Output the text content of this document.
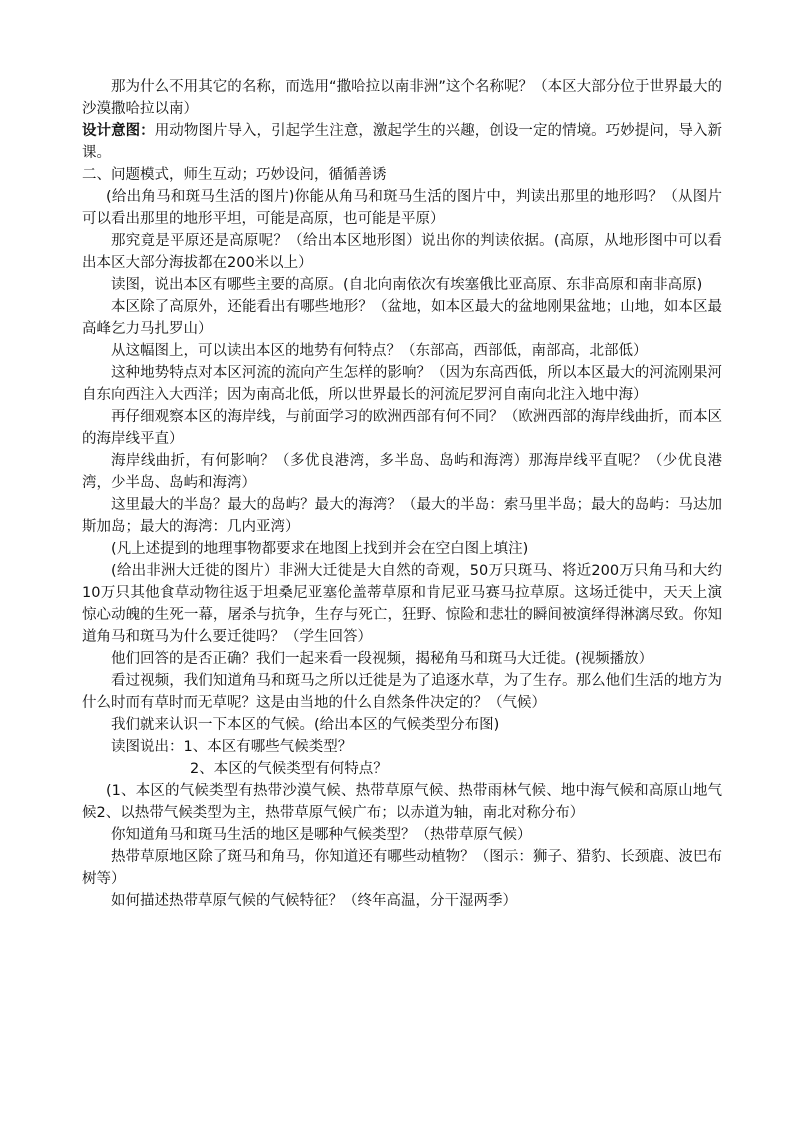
那为什么不用其它的名称，而选用“撒哈拉以南非洲”这个名称呢？（本区大部分位于世界最大的沙漠撒哈拉以南）

设计意图：用动物图片导入，引起学生注意，激起学生的兴趣，创设一定的情境。巧妙提问，导入新课。

二、问题模式，师生互动；巧妙设问，循循善诱

(给出角马和斑马生活的图片)你能从角马和斑马生活的图片中，判读出那里的地形吗？（从图片可以看出那里的地形平坦，可能是高原，也可能是平原）

那究竟是平原还是高原呢？（给出本区地形图）说出你的判读依据。(高原，从地形图中可以看出本区大部分海拔都在200米以上）

读图，说出本区有哪些主要的高原。(自北向南依次有埃塞俄比亚高原、东非高原和南非高原)

本区除了高原外，还能看出有哪些地形？（盆地，如本区最大的盆地刚果盆地；山地，如本区最高峰乞力马扎罗山）

从这幅图上，可以读出本区的地势有何特点？（东部高，西部低，南部高，北部低）

这种地势特点对本区河流的流向产生怎样的影响？（因为东高西低，所以本区最大的河流刚果河自东向西注入大西洋；因为南高北低，所以世界最长的河流尼罗河自南向北注入地中海）

再仔细观察本区的海岸线，与前面学习的欧洲西部有何不同？（欧洲西部的海岸线曲折，而本区的海岸线平直）

海岸线曲折，有何影响？（多优良港湾，多半岛、岛屿和海湾）那海岸线平直呢？（少优良港湾，少半岛、岛屿和海湾）

这里最大的半岛？最大的岛屿？最大的海湾？（最大的半岛：索马里半岛；最大的岛屿：马达加斯加岛；最大的海湾：几内亚湾）

(凡上述提到的地理事物都要求在地图上找到并会在空白图上填注)

(给出非洲大迁徙的图片）非洲大迁徙是大自然的奇观，50万只斑马、将近200万只角马和大约10万只其他食草动物往返于坦桑尼亚塞伦盖蒂草原和肯尼亚马赛马拉草原。这场迁徙中，天天上演惊心动魄的生死一幕，屠杀与抗争，生存与死亡，狂野、惊险和悲壮的瞬间被演绎得淋漓尽致。你知道角马和斑马为什么要迁徙吗？（学生回答）

他们回答的是否正确？我们一起来看一段视频，揭秘角马和斑马大迁徙。(视频播放）

看过视频，我们知道角马和斑马之所以迁徙是为了追逐水草，为了生存。那么他们生活的地方为什么时而有草时而无草呢？这是由当地的什么自然条件决定的？（气候）

我们就来认识一下本区的气候。(给出本区的气候类型分布图)

读图说出：1、本区有哪些气候类型？

2、本区的气候类型有何特点？

(1、本区的气候类型有热带沙漠气候、热带草原气候、热带雨林气候、地中海气候和高原山地气候2、以热带气候类型为主，热带草原气候广布；以赤道为轴，南北对称分布）

你知道角马和斑马生活的地区是哪种气候类型？（热带草原气候）

热带草原地区除了斑马和角马，你知道还有哪些动植物？（图示：狮子、猎豹、长颈鹿、波巴布树等）

如何描述热带草原气候的气候特征？（终年高温，分干湿两季）
